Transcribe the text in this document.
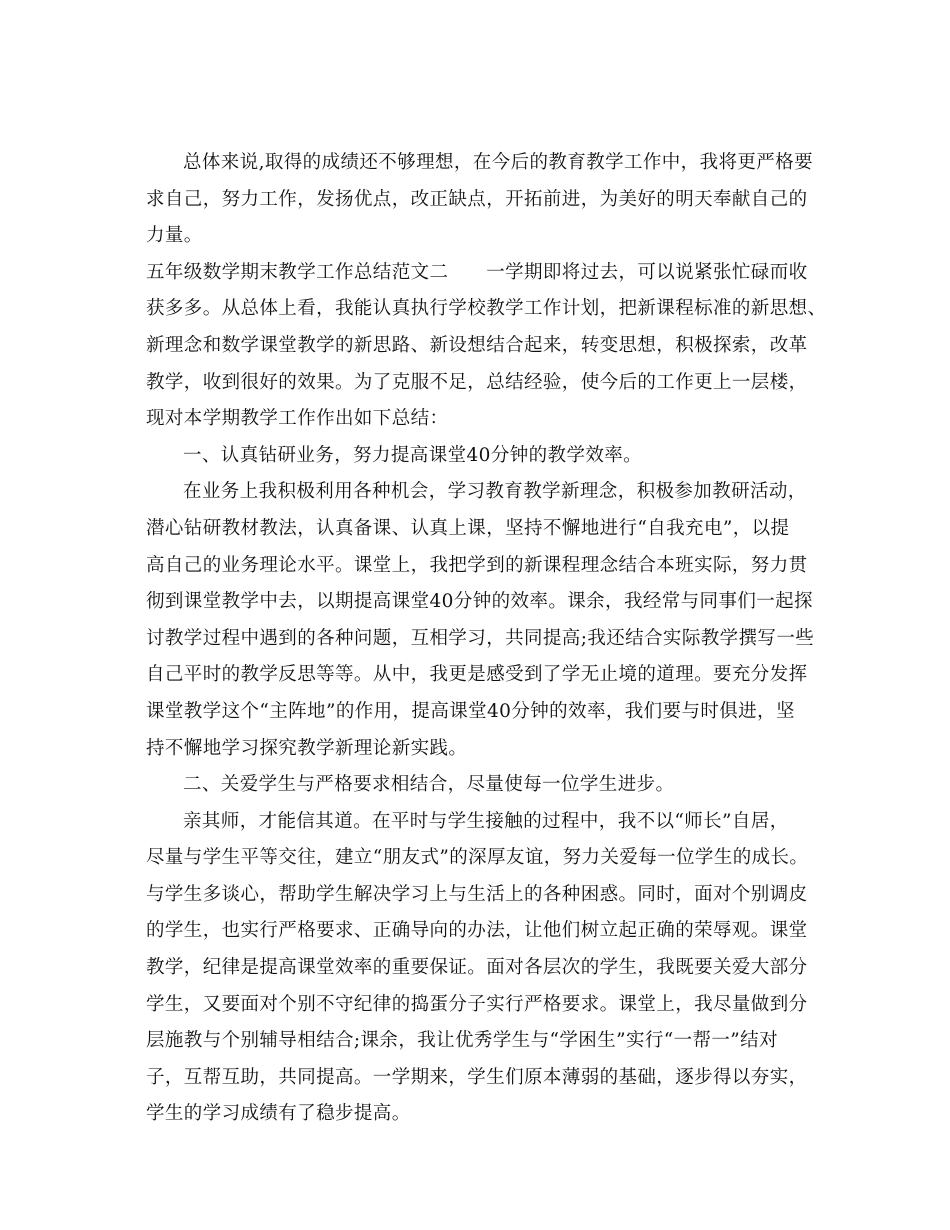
总体来说,取得的成绩还不够理想，在今后的教育教学工作中，我将更严格要
求自己，努力工作，发扬优点，改正缺点，开拓前进，为美好的明天奉献自己的
力量。
五年级数学期末教学工作总结范文二　　一学期即将过去，可以说紧张忙碌而收
获多多。从总体上看，我能认真执行学校教学工作计划，把新课程标准的新思想、
新理念和数学课堂教学的新思路、新设想结合起来，转变思想，积极探索，改革
教学，收到很好的效果。为了克服不足，总结经验，使今后的工作更上一层楼，
现对本学期教学工作作出如下总结：
一、认真钻研业务，努力提高课堂40分钟的教学效率。
在业务上我积极利用各种机会，学习教育教学新理念，积极参加教研活动，
潜心钻研教材教法，认真备课、认真上课，坚持不懈地进行“自我充电”，以提
高自己的业务理论水平。课堂上，我把学到的新课程理念结合本班实际，努力贯
彻到课堂教学中去，以期提高课堂40分钟的效率。课余，我经常与同事们一起探
讨教学过程中遇到的各种问题，互相学习，共同提高;我还结合实际教学撰写一些
自己平时的教学反思等等。从中，我更是感受到了学无止境的道理。要充分发挥
课堂教学这个“主阵地”的作用，提高课堂40分钟的效率，我们要与时俱进，坚
持不懈地学习探究教学新理论新实践。
二、关爱学生与严格要求相结合，尽量使每一位学生进步。
亲其师，才能信其道。在平时与学生接触的过程中，我不以“师长”自居，
尽量与学生平等交往，建立“朋友式”的深厚友谊，努力关爱每一位学生的成长。
与学生多谈心，帮助学生解决学习上与生活上的各种困惑。同时，面对个别调皮
的学生，也实行严格要求、正确导向的办法，让他们树立起正确的荣辱观。课堂
教学，纪律是提高课堂效率的重要保证。面对各层次的学生，我既要关爱大部分
学生，又要面对个别不守纪律的捣蛋分子实行严格要求。课堂上，我尽量做到分
层施教与个别辅导相结合;课余，我让优秀学生与“学困生”实行“一帮一”结对
子，互帮互助，共同提高。一学期来，学生们原本薄弱的基础，逐步得以夯实，
学生的学习成绩有了稳步提高。
